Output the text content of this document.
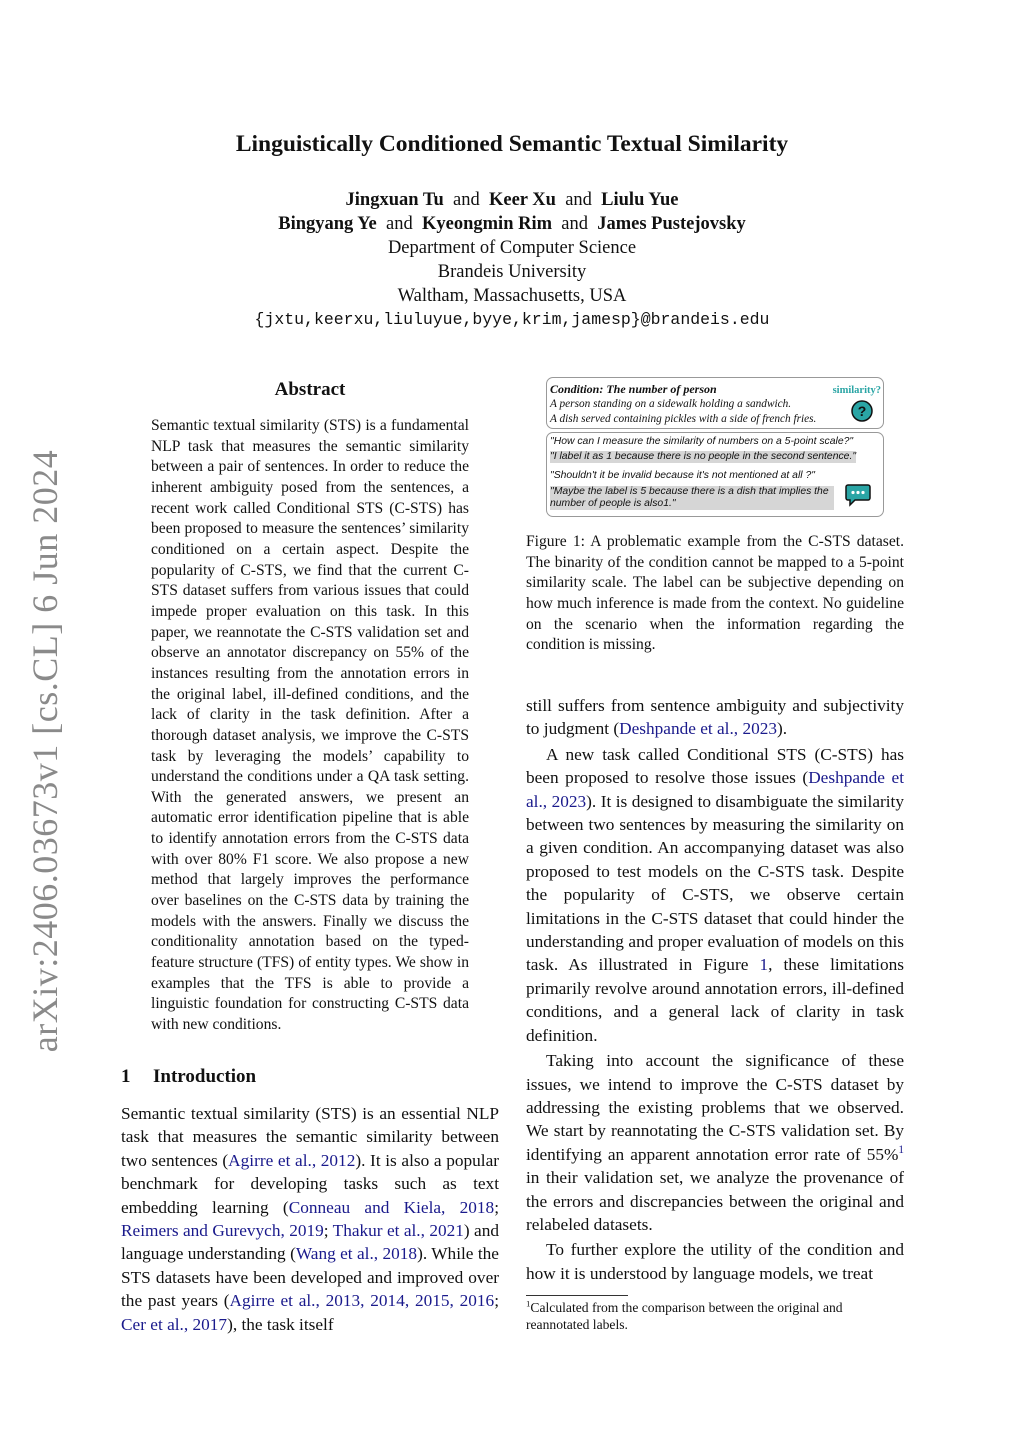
arXiv:2406.03673v1 [cs.CL] 6 Jun 2024
Linguistically Conditioned Semantic Textual Similarity
Jingxuan Tu and Keer Xu and Liulu Yue
Bingyang Ye and Kyeongmin Rim and James Pustejovsky
Department of Computer Science
Brandeis University
Waltham, Massachusetts, USA
{jxtu,keerxu,liuluyue,byye,krim,jamesp}@brandeis.edu
Abstract
Semantic textual similarity (STS) is a fundamental NLP task that measures the semantic similarity between a pair of sentences. In order to reduce the inherent ambiguity posed from the sentences, a recent work called Conditional STS (C-STS) has been proposed to measure the sentences’ similarity conditioned on a certain aspect. Despite the popularity of C-STS, we find that the current C-STS dataset suffers from various issues that could impede proper evaluation on this task. In this paper, we reannotate the C-STS validation set and observe an annotator discrepancy on 55% of the instances resulting from the annotation errors in the original label, ill-defined conditions, and the lack of clarity in the task definition. After a thorough dataset analysis, we improve the C-STS task by leveraging the models’ capability to understand the conditions under a QA task setting. With the generated answers, we present an automatic error identification pipeline that is able to identify annotation errors from the C-STS data with over 80% F1 score. We also propose a new method that largely improves the performance over baselines on the C-STS data by training the models with the answers. Finally we discuss the conditionality annotation based on the typed-feature structure (TFS) of entity types. We show in examples that the TFS is able to provide a linguistic foundation for constructing C-STS data with new conditions.
Condition: The number of person
A person standing on a sidewalk holding a sandwich.
A dish served containing pickles with a side of french fries.
similarity?
?
"How can I measure the similarity of numbers on a 5-point scale?"
"I label it as 1 because there is no people in the second sentence."
"Shouldn't it be invalid because it's not mentioned at all ?"
"Maybe the label is 5 because there is a dish that implies the number of people is also1."
Figure 1: A problematic example from the C-STS dataset. The binarity of the condition cannot be mapped to a 5-point similarity scale. The label can be subjective depending on how much inference is made from the context. No guideline on the scenario when the information regarding the condition is missing.
1 Introduction

Semantic textual similarity (STS) is an essential NLP task that measures the semantic similarity between two sentences (Agirre et al., 2012). It is also a popular benchmark for developing tasks such as text embedding learning (Conneau and Kiela, 2018; Reimers and Gurevych, 2019; Thakur et al., 2021) and language understanding (Wang et al., 2018). While the STS datasets have been developed and improved over the past years (Agirre et al., 2013, 2014, 2015, 2016; Cer et al., 2017), the task itself

still suffers from sentence ambiguity and subjectivity to judgment (Deshpande et al., 2023).

A new task called Conditional STS (C-STS) has been proposed to resolve those issues (Deshpande et al., 2023). It is designed to disambiguate the similarity between two sentences by measuring the similarity on a given condition. An accompanying dataset was also proposed to test models on the C-STS task. Despite the popularity of C-STS, we observe certain limitations in the C-STS dataset that could hinder the understanding and proper evaluation of models on this task. As illustrated in Figure 1, these limitations primarily revolve around annotation errors, ill-defined conditions, and a general lack of clarity in task definition.

Taking into account the significance of these issues, we intend to improve the C-STS dataset by addressing the existing problems that we observed. We start by reannotating the C-STS validation set. By identifying an apparent annotation error rate of 55%$^1$ in their validation set, we analyze the provenance of the errors and discrepancies between the original and relabeled datasets.

To further explore the utility of the condition and how it is understood by language models, we treat

$^1$Calculated from the comparison between the original and reannotated labels.
